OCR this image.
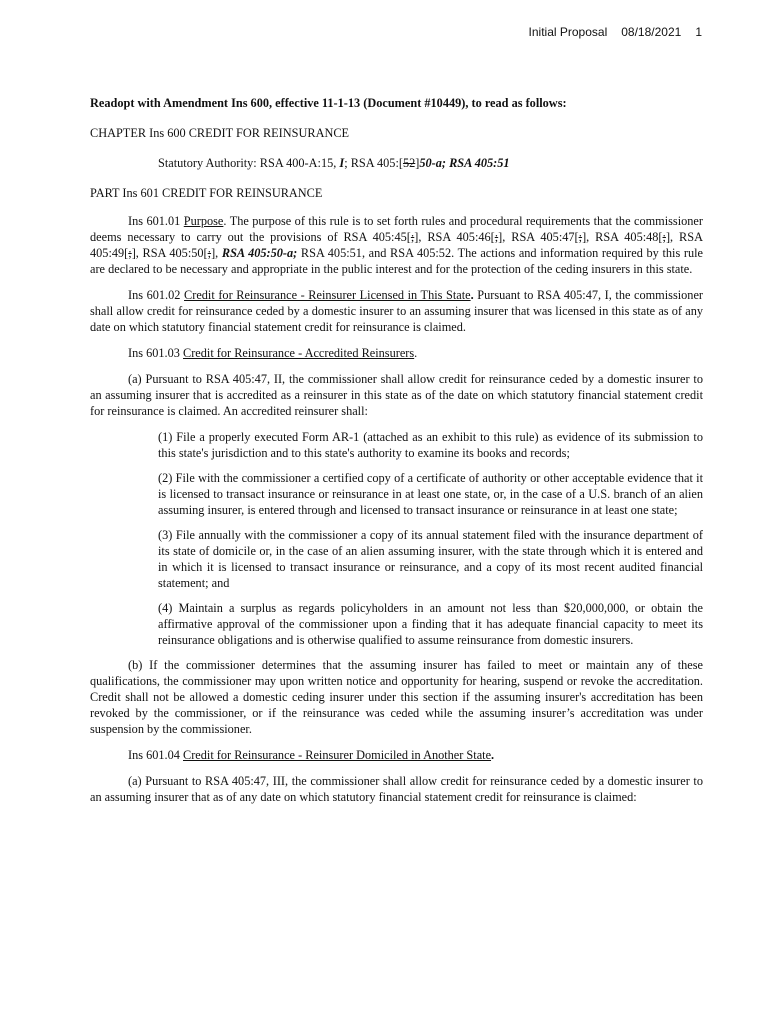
Initial Proposal 08/18/2021 1

Readopt with Amendment Ins 600, effective 11-1-13 (Document #10449), to read as follows:

CHAPTER Ins 600 CREDIT FOR REINSURANCE

Statutory Authority: RSA 400-A:15, I; RSA 405:[52]50-a; RSA 405:51

PART Ins 601 CREDIT FOR REINSURANCE

Ins 601.01 Purpose. The purpose of this rule is to set forth rules and procedural requirements that the commissioner deems necessary to carry out the provisions of RSA 405:45[;], RSA 405:46[;], RSA 405:47[;], RSA 405:48[;], RSA 405:49[;], RSA 405:50[;], RSA 405:50-a; RSA 405:51, and RSA 405:52. The actions and information required by this rule are declared to be necessary and appropriate in the public interest and for the protection of the ceding insurers in this state.

Ins 601.02 Credit for Reinsurance - Reinsurer Licensed in This State. Pursuant to RSA 405:47, I, the commissioner shall allow credit for reinsurance ceded by a domestic insurer to an assuming insurer that was licensed in this state as of any date on which statutory financial statement credit for reinsurance is claimed.

Ins 601.03 Credit for Reinsurance - Accredited Reinsurers.

(a) Pursuant to RSA 405:47, II, the commissioner shall allow credit for reinsurance ceded by a domestic insurer to an assuming insurer that is accredited as a reinsurer in this state as of the date on which statutory financial statement credit for reinsurance is claimed. An accredited reinsurer shall:

(1) File a properly executed Form AR-1 (attached as an exhibit to this rule) as evidence of its submission to this state's jurisdiction and to this state's authority to examine its books and records;

(2) File with the commissioner a certified copy of a certificate of authority or other acceptable evidence that it is licensed to transact insurance or reinsurance in at least one state, or, in the case of a U.S. branch of an alien assuming insurer, is entered through and licensed to transact insurance or reinsurance in at least one state;

(3) File annually with the commissioner a copy of its annual statement filed with the insurance department of its state of domicile or, in the case of an alien assuming insurer, with the state through which it is entered and in which it is licensed to transact insurance or reinsurance, and a copy of its most recent audited financial statement; and

(4) Maintain a surplus as regards policyholders in an amount not less than $20,000,000, or obtain the affirmative approval of the commissioner upon a finding that it has adequate financial capacity to meet its reinsurance obligations and is otherwise qualified to assume reinsurance from domestic insurers.

(b) If the commissioner determines that the assuming insurer has failed to meet or maintain any of these qualifications, the commissioner may upon written notice and opportunity for hearing, suspend or revoke the accreditation. Credit shall not be allowed a domestic ceding insurer under this section if the assuming insurer's accreditation has been revoked by the commissioner, or if the reinsurance was ceded while the assuming insurer’s accreditation was under suspension by the commissioner.

Ins 601.04 Credit for Reinsurance - Reinsurer Domiciled in Another State.

(a) Pursuant to RSA 405:47, III, the commissioner shall allow credit for reinsurance ceded by a domestic insurer to an assuming insurer that as of any date on which statutory financial statement credit for reinsurance is claimed:
